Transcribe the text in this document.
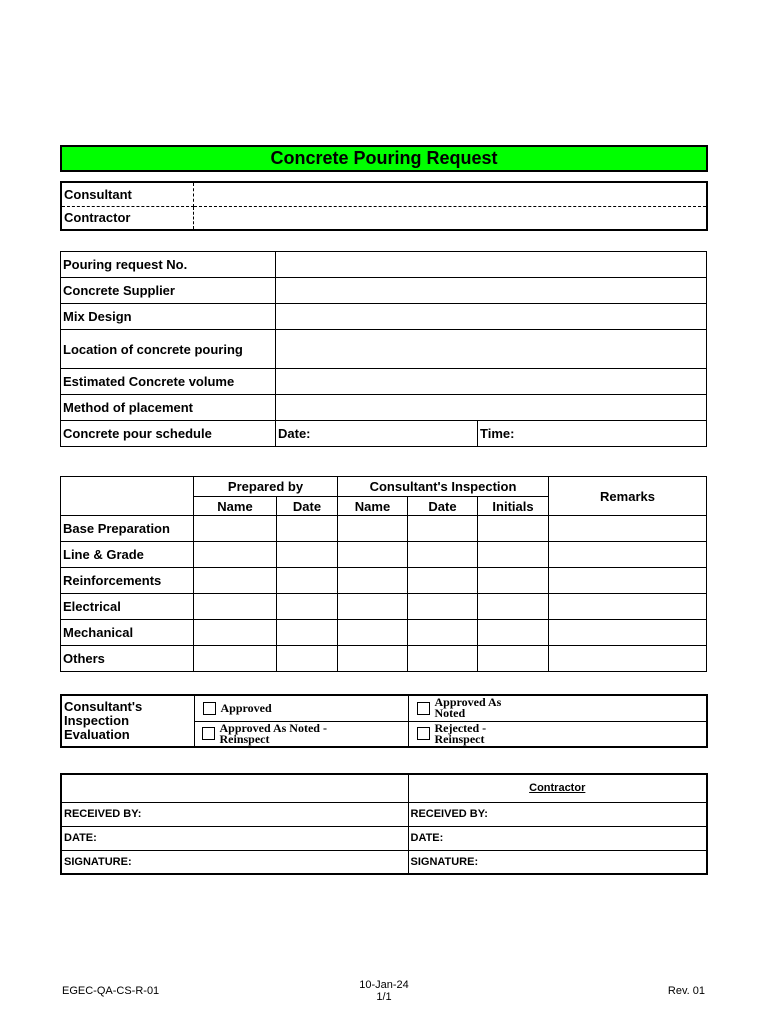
Concrete Pouring Request
Consultant	
Contractor	
Pouring request No.		
Concrete Supplier		
Mix Design		
Location of concrete pouring		
Estimated Concrete volume		
Method of placement		
Concrete pour schedule	Date:	Time:
	Prepared by		Consultant's Inspection			Remarks
	Name	Date	Name	Date	Initials	
Base Preparation						
Line & Grade						
Reinforcements						
Electrical						
Mechanical						
Others						
Consultant's Inspection Evaluation	Approved	Approved As Noted

	Approved As Noted - Reinspect	Rejected - Reinspect
	Contractor
RECEIVED BY:	RECEIVED BY:
DATE:	DATE:
SIGNATURE:	SIGNATURE:
EGEC-QA-CS-R-01	10-Jan-24
1/1	Rev. 01
